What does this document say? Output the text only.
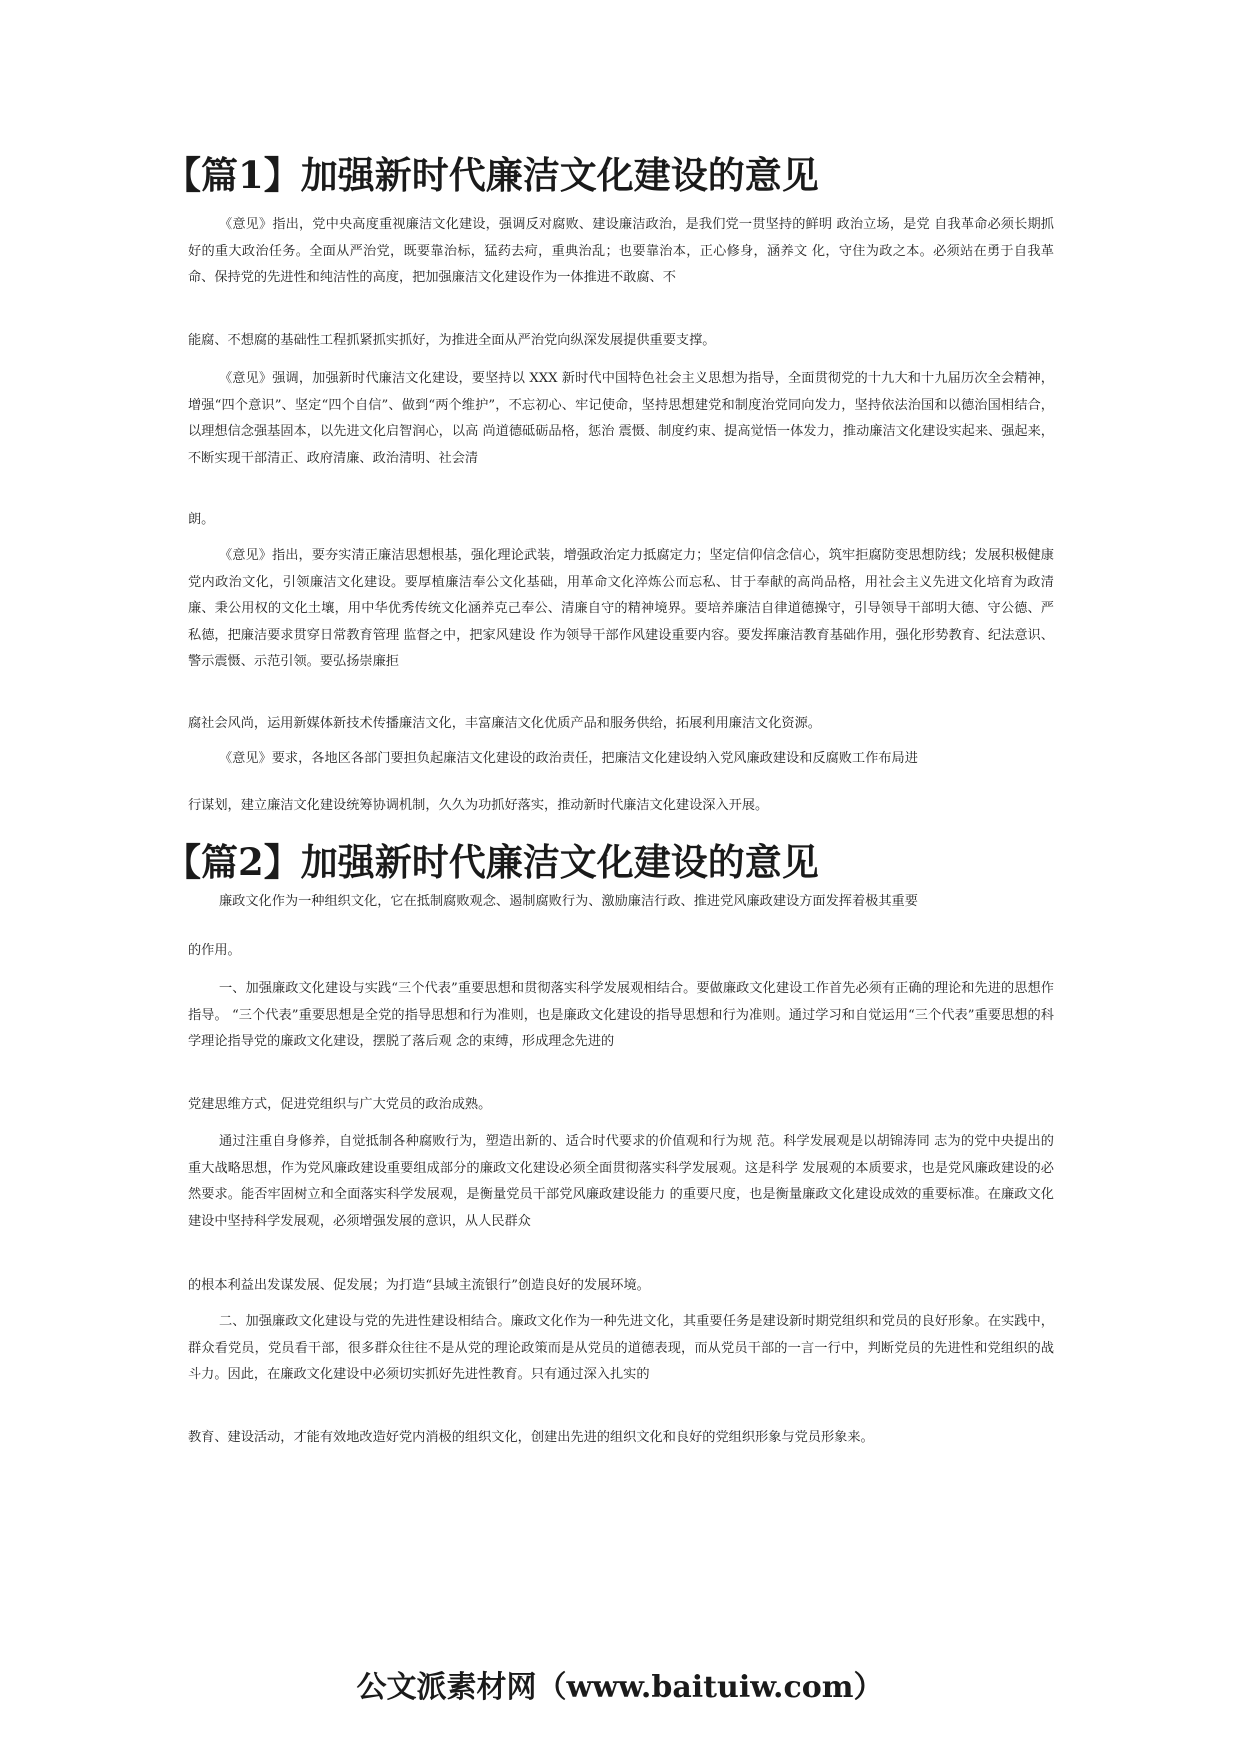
【篇1】加强新时代廉洁文化建设的意见

《意见》指出，党中央高度重视廉洁文化建设，强调反对腐败、建设廉洁政治，是我们党一贯坚持的鲜明 政治立场，是党 自我革命必须长期抓好的重大政治任务。全面从严治党，既要靠治标，猛药去疴，重典治乱；也要靠治本，正心修身，涵养文 化，守住为政之本。必须站在勇于自我革命、保持党的先进性和纯洁性的高度，把加强廉洁文化建设作为一体推进不敢腐、不

能腐、不想腐的基础性工程抓紧抓实抓好，为推进全面从严治党向纵深发展提供重要支撑。

《意见》强调，加强新时代廉洁文化建设，要坚持以 XXX 新时代中国特色社会主义思想为指导，全面贯彻党的十九大和十九届历次全会精神，增强“四个意识”、坚定“四个自信”、做到“两个维护”，不忘初心、牢记使命，坚持思想建党和制度治党同向发力，坚持依法治国和以德治国相结合，以理想信念强基固本，以先进文化启智润心，以高 尚道德砥砺品格，惩治 震慑、制度约束、提高觉悟一体发力，推动廉洁文化建设实起来、强起来，不断实现干部清正、政府清廉、政治清明、社会清

朗。

《意见》指出，要夯实清正廉洁思想根基，强化理论武装，增强政治定力抵腐定力；坚定信仰信念信心，筑牢拒腐防变思想防线；发展积极健康党内政治文化，引领廉洁文化建设。要厚植廉洁奉公文化基础，用革命文化淬炼公而忘私、甘于奉献的高尚品格，用社会主义先进文化培育为政清廉、秉公用权的文化土壤，用中华优秀传统文化涵养克己奉公、清廉自守的精神境界。要培养廉洁自律道德操守，引导领导干部明大德、守公德、严私德，把廉洁要求贯穿日常教育管理 监督之中，把家风建设 作为领导干部作风建设重要内容。要发挥廉洁教育基础作用，强化形势教育、纪法意识、警示震慑、示范引领。要弘扬崇廉拒

腐社会风尚，运用新媒体新技术传播廉洁文化，丰富廉洁文化优质产品和服务供给，拓展利用廉洁文化资源。

《意见》要求，各地区各部门要担负起廉洁文化建设的政治责任，把廉洁文化建设纳入党风廉政建设和反腐败工作布局进

行谋划，建立廉洁文化建设统筹协调机制，久久为功抓好落实，推动新时代廉洁文化建设深入开展。

【篇2】加强新时代廉洁文化建设的意见

廉政文化作为一种组织文化，它在抵制腐败观念、遏制腐败行为、激励廉洁行政、推进党风廉政建设方面发挥着极其重要

的作用。

一、加强廉政文化建设与实践“三个代表”重要思想和贯彻落实科学发展观相结合。要做廉政文化建设工作首先必须有正确的理论和先进的思想作指导。 “三个代表”重要思想是全党的指导思想和行为准则，也是廉政文化建设的指导思想和行为准则。通过学习和自觉运用“三个代表”重要思想的科学理论指导党的廉政文化建设，摆脱了落后观 念的束缚，形成理念先进的

党建思维方式，促进党组织与广大党员的政治成熟。

通过注重自身修养，自觉抵制各种腐败行为，塑造出新的、适合时代要求的价值观和行为规 范。科学发展观是以胡锦涛同 志为的党中央提出的重大战略思想，作为党风廉政建设重要组成部分的廉政文化建设必须全面贯彻落实科学发展观。这是科学 发展观的本质要求，也是党风廉政建设的必然要求。能否牢固树立和全面落实科学发展观，是衡量党员干部党风廉政建设能力 的重要尺度，也是衡量廉政文化建设成效的重要标准。在廉政文化建设中坚持科学发展观，必须增强发展的意识，从人民群众

的根本利益出发谋发展、促发展；为打造“县域主流银行”创造良好的发展环境。

二、加强廉政文化建设与党的先进性建设相结合。廉政文化作为一种先进文化，其重要任务是建设新时期党组织和党员的良好形象。在实践中，群众看党员，党员看干部，很多群众往往不是从党的理论政策而是从党员的道德表现，而从党员干部的一言一行中，判断党员的先进性和党组织的战斗力。因此，在廉政文化建设中必须切实抓好先进性教育。只有通过深入扎实的

教育、建设活动，才能有效地改造好党内消极的组织文化，创建出先进的组织文化和良好的党组织形象与党员形象来。

公文派素材网（www.baituiw.com）
